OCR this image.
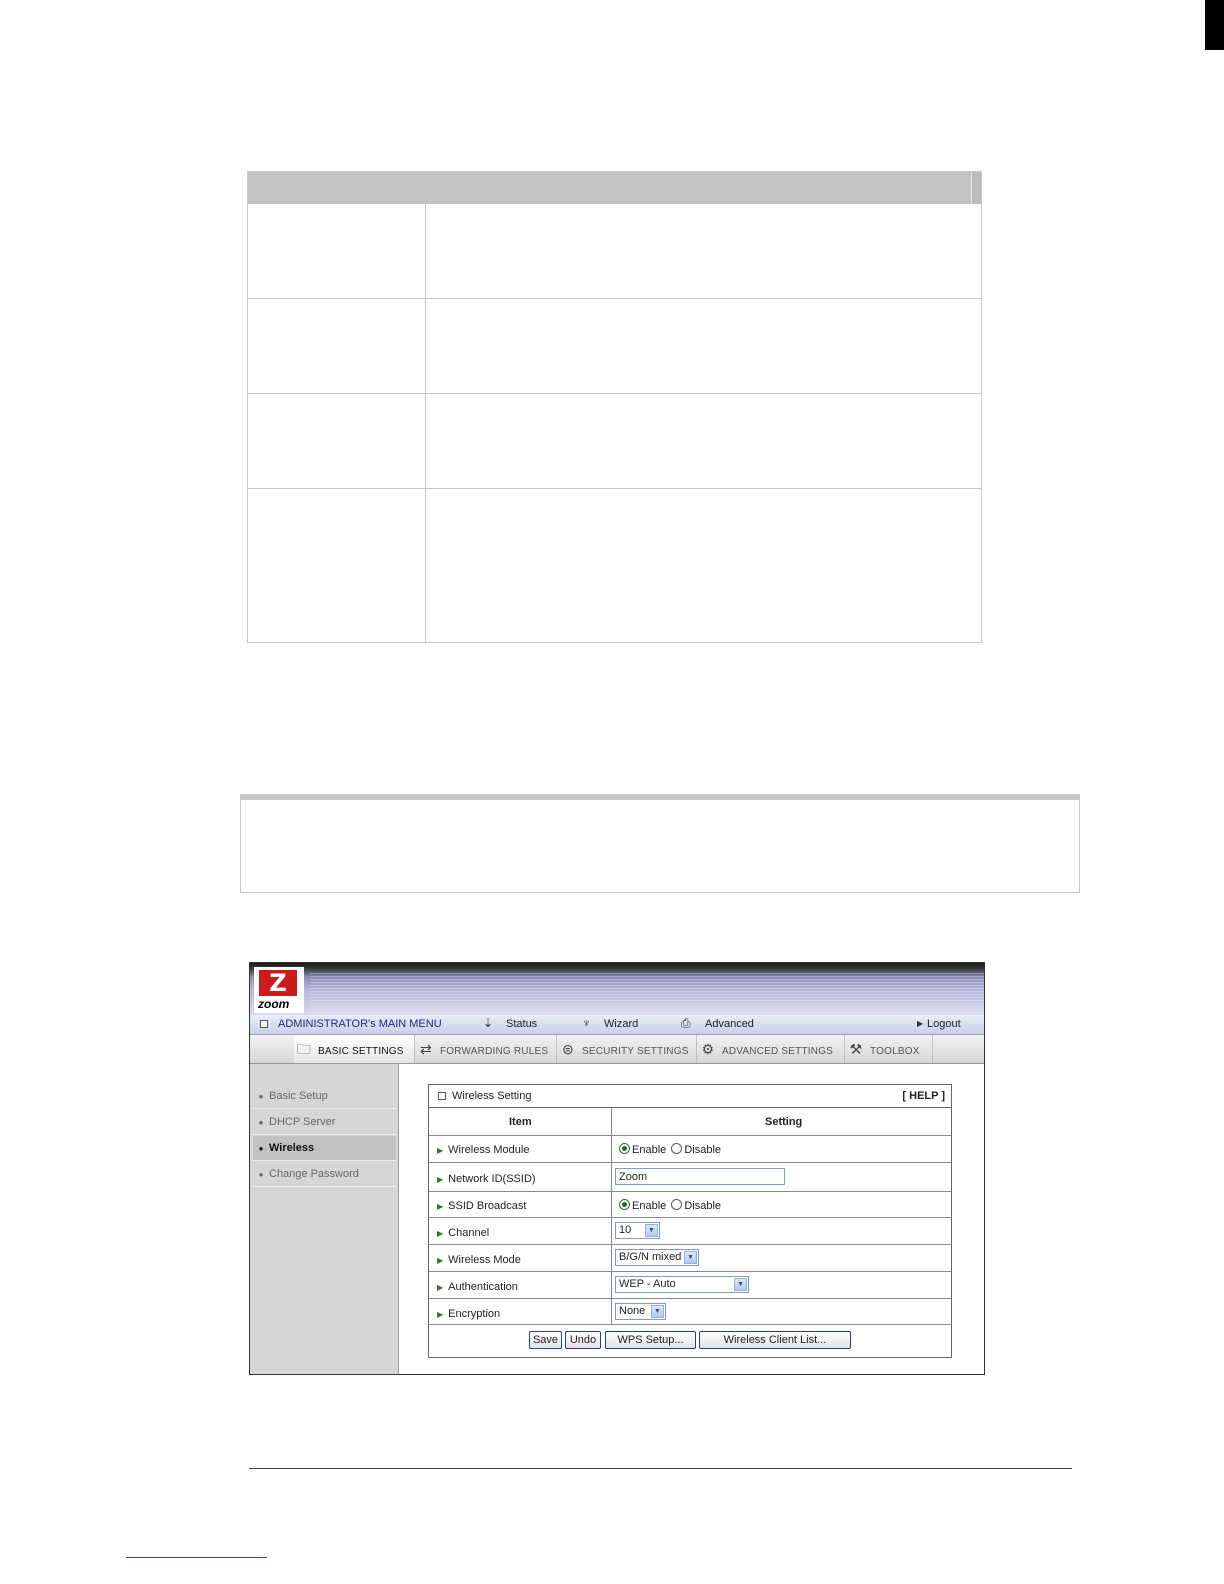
Z
zoom
ADMINISTRATOR's MAIN MENU	⇣ Status	♆ Wizard	⎙ Advanced	▶ Logout
🗀 BASIC SETTINGS	⇄ FORWARDING RULES ⊜ SECURITY SETTINGS ⚙ ADVANCED SETTINGS	⚒ TOOLBOX
● Basic Setup
● DHCP Server
● Wireless
● Change Password
Wireless Setting	[ HELP ]
Item	Setting
▶ Wireless Module	Enable Disable
▶ Network ID(SSID)	Zoom
▶ SSID Broadcast	Enable Disable
▶ Channel	10	▼
▶ Wireless Mode	B/G/N mixed ▼
▶ Authentication	WEP - Auto	▼
▶ Encryption	None	▼
Save	Undo	WPS Setup...	Wireless Client List...
